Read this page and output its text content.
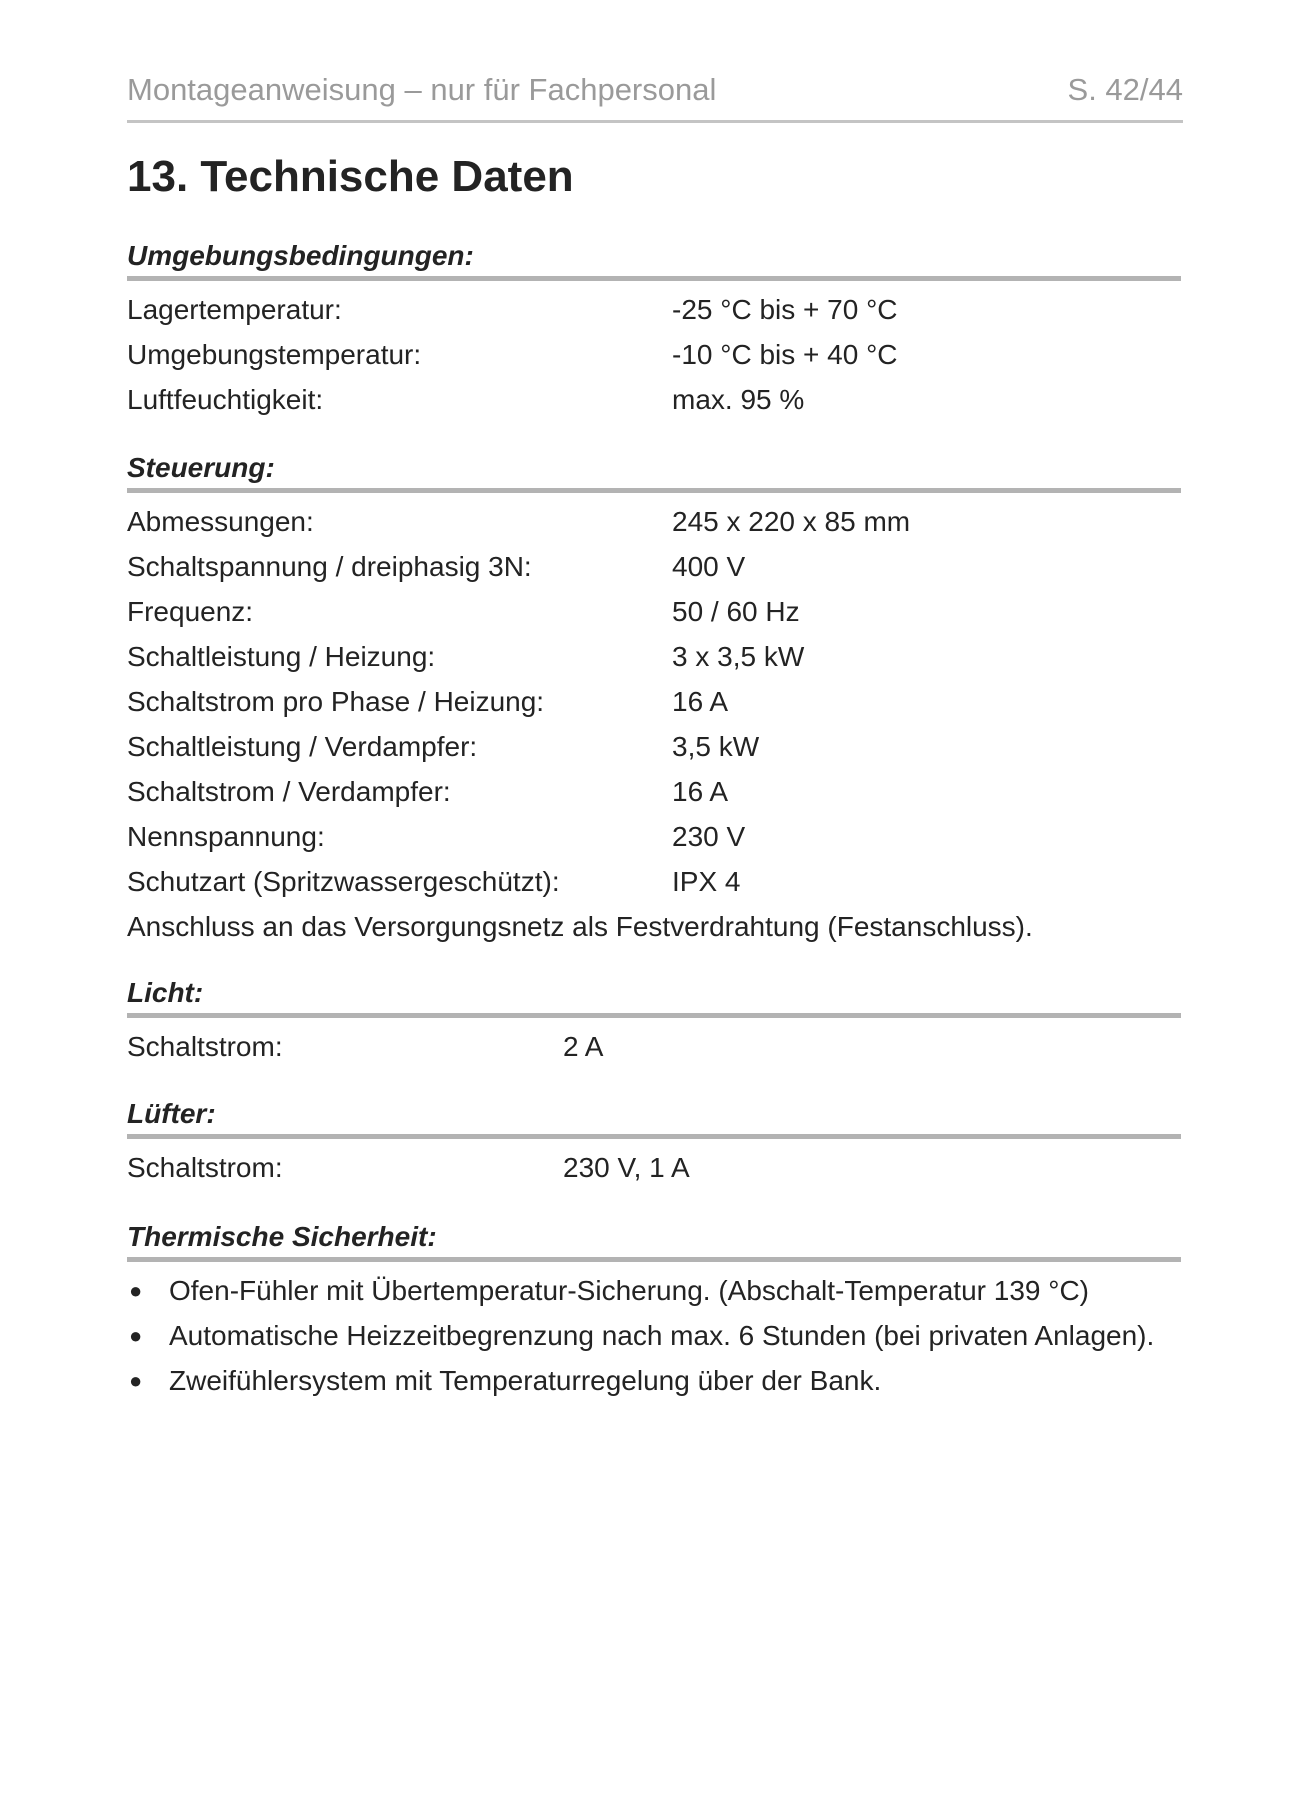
Montageanweisung – nur für Fachpersonal	S. 42/44
13. Technische Daten
Umgebungsbedingungen:
Lagertemperatur:	-25 °C bis + 70 °C
Umgebungstemperatur:	-10 °C bis + 40 °C
Luftfeuchtigkeit:	max. 95 %
Steuerung:
Abmessungen:	245 x 220 x 85 mm
Schaltspannung / dreiphasig 3N:	400 V
Frequenz:	50 / 60 Hz
Schaltleistung / Heizung:	3 x 3,5 kW
Schaltstrom pro Phase / Heizung:	16 A
Schaltleistung / Verdampfer:	3,5 kW
Schaltstrom / Verdampfer:	16 A
Nennspannung:	230 V
Schutzart (Spritzwassergeschützt):	IPX 4
Anschluss an das Versorgungsnetz als Festverdrahtung (Festanschluss).
Licht:
Schaltstrom:	2 A
Lüfter:
Schaltstrom:	230 V, 1 A
Thermische Sicherheit:
● Ofen-Fühler mit Übertemperatur-Sicherung. (Abschalt-Temperatur 139 °C)
● Automatische Heizzeitbegrenzung nach max. 6 Stunden (bei privaten Anlagen).
● Zweifühlersystem mit Temperaturregelung über der Bank.
